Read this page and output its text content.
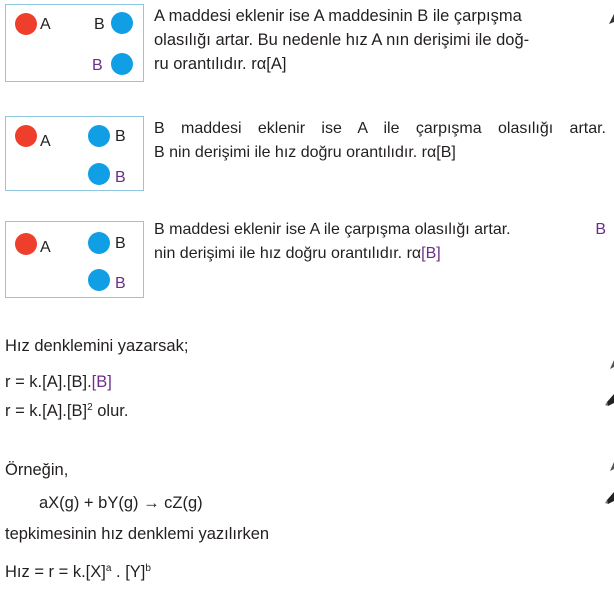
A	B
B
A	B
B
A	B
B
A maddesi eklenir ise A maddesinin B ile çarpışma
olasılığı artar. Bu nedenle hız A nın derişimi ile doğ-
ru orantılıdır. rα[A]
B maddesi eklenir ise A ile çarpışma olasılığı artar.
B nin derişimi ile hız doğru orantılıdır. rα[B]
B maddesi eklenir ise A ile çarpışma olasılığı artar.	B
nin derişimi ile hız doğru orantılıdır. rα[B]
Hız denklemini yazarsak;
r = k.[A].[B].[B]
$r = k.[A].[B]^2$ olur.
Örneğin,
aX(g) + bY(g) → cZ(g)
tepkimesinin hız denklemi yazılırken
Hız = $r = k.[X]^a$ . $[Y]^b$
